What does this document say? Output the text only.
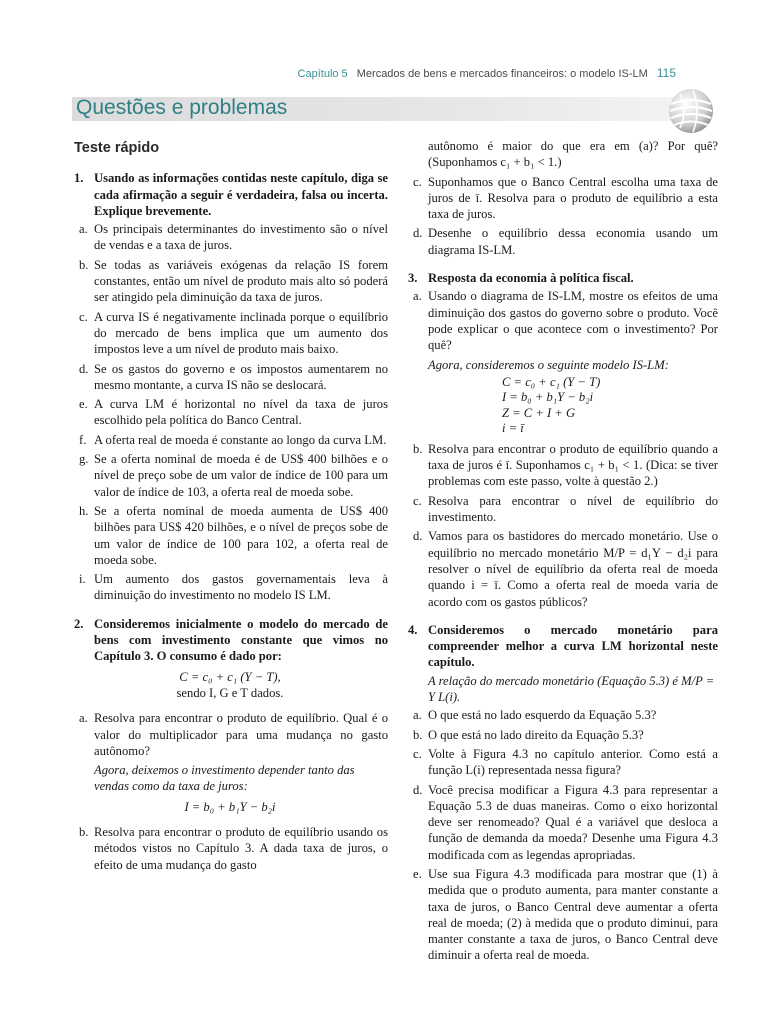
Capítulo 5 Mercados de bens e mercados financeiros: o modelo IS-LM 115
Questões e problemas
Teste rápido
1. Usando as informações contidas neste capítulo, diga se cada afirmação a seguir é verdadeira, falsa ou incerta. Explique brevemente.
a. Os principais determinantes do investimento são o nível de vendas e a taxa de juros.
b. Se todas as variáveis exógenas da relação IS forem constantes, então um nível de produto mais alto só poderá ser atingido pela diminuição da taxa de juros.
c. A curva IS é negativamente inclinada porque o equilíbrio do mercado de bens implica que um aumento dos impostos leve a um nível de produto mais baixo.
d. Se os gastos do governo e os impostos aumentarem no mesmo montante, a curva IS não se deslocará.
e. A curva LM é horizontal no nível da taxa de juros escolhido pela política do Banco Central.
f. A oferta real de moeda é constante ao longo da curva LM.
g. Se a oferta nominal de moeda é de US$ 400 bilhões e o nível de preço sobe de um valor de índice de 100 para um valor de índice de 103, a oferta real de moeda sobe.
h. Se a oferta nominal de moeda aumenta de US$ 400 bilhões para US$ 420 bilhões, e o nível de preços sobe de um valor de índice de 100 para 102, a oferta real de moeda sobe.
i. Um aumento dos gastos governamentais leva à diminuição do investimento no modelo IS LM.
2. Consideremos inicialmente o modelo do mercado de bens com investimento constante que vimos no Capítulo 3. O consumo é dado por:
C = c₀ + c₁ (Y − T),
sendo I, G e T dados.
a. Resolva para encontrar o produto de equilíbrio. Qual é o valor do multiplicador para uma mudança no gasto autônomo?
Agora, deixemos o investimento depender tanto das vendas como da taxa de juros:
I = b₀ + b₁Y − b₂i
b. Resolva para encontrar o produto de equilíbrio usando os métodos vistos no Capítulo 3. A dada taxa de juros, o efeito de uma mudança do gasto
autônomo é maior do que era em (a)? Por quê? (Suponhamos c₁ + b₁ < 1.)
c. Suponhamos que o Banco Central escolha uma taxa de juros de ī. Resolva para o produto de equilíbrio a esta taxa de juros.
d. Desenhe o equilíbrio dessa economia usando um diagrama IS-LM.
3. Resposta da economia à política fiscal.
a. Usando o diagrama de IS-LM, mostre os efeitos de uma diminuição dos gastos do governo sobre o produto. Você pode explicar o que acontece com o investimento? Por quê?
Agora, consideremos o seguinte modelo IS-LM:
C = c₀ + c₁ (Y − T)
I = b₀ + b₁Y − b₂i
Z = C + I + G
i = ī
b. Resolva para encontrar o produto de equilíbrio quando a taxa de juros é ī. Suponhamos c₁ + b₁ < 1. (Dica: se tiver problemas com este passo, volte à questão 2.)
c. Resolva para encontrar o nível de equilíbrio do investimento.
d. Vamos para os bastidores do mercado monetário. Use o equilíbrio no mercado monetário M/P = d₁Y − d₂i para resolver o nível de equilíbrio da oferta real de moeda quando i = ī. Como a oferta real de moeda varia de acordo com os gastos públicos?
4. Consideremos o mercado monetário para compreender melhor a curva LM horizontal neste capítulo.
A relação do mercado monetário (Equação 5.3) é M/P = Y L(i).
a. O que está no lado esquerdo da Equação 5.3?
b. O que está no lado direito da Equação 5.3?
c. Volte à Figura 4.3 no capítulo anterior. Como está a função L(i) representada nessa figura?
d. Você precisa modificar a Figura 4.3 para representar a Equação 5.3 de duas maneiras. Como o eixo horizontal deve ser renomeado? Qual é a variável que desloca a função de demanda da moeda? Desenhe uma Figura 4.3 modificada com as legendas apropriadas.
e. Use sua Figura 4.3 modificada para mostrar que (1) à medida que o produto aumenta, para manter constante a taxa de juros, o Banco Central deve aumentar a oferta real de moeda; (2) à medida que o produto diminui, para manter constante a taxa de juros, o Banco Central deve diminuir a oferta real de moeda.
